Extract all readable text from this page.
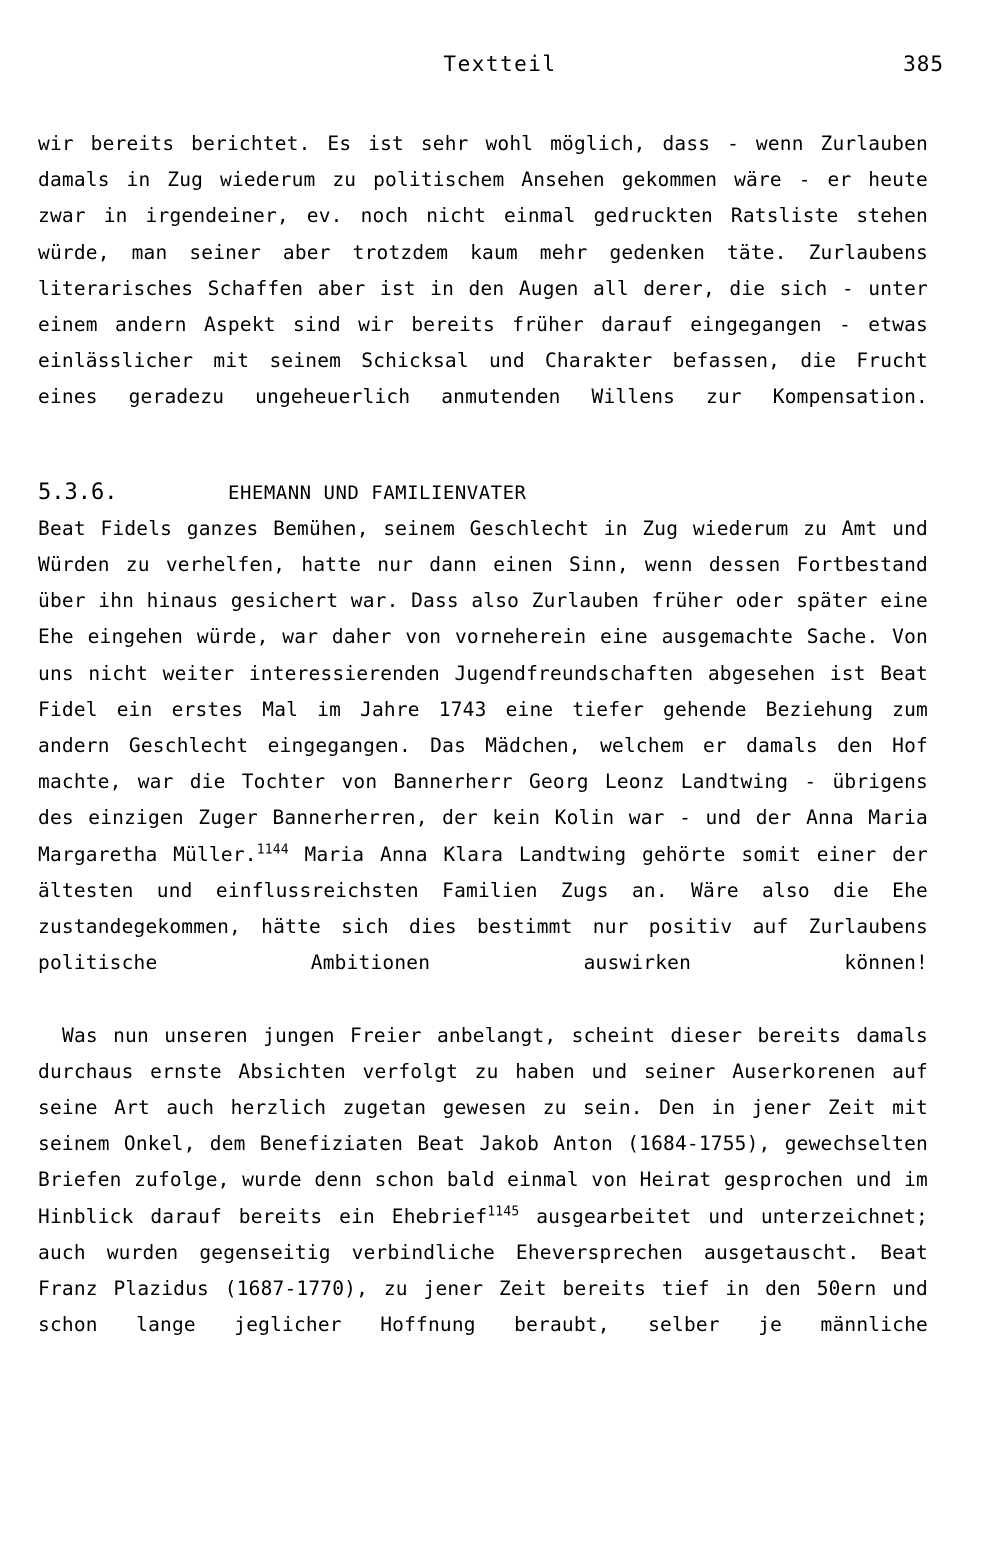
Textteil	385

wir bereits berichtet. Es ist sehr wohl möglich, dass - wenn Zurlauben damals in Zug wiederum zu politischem Ansehen gekommen wäre - er heute zwar in irgendeiner, ev. noch nicht einmal gedruckten Ratsliste stehen würde, man seiner aber trotzdem kaum mehr gedenken täte. Zurlaubens literarisches Schaffen aber ist in den Augen all derer, die sich - unter einem andern Aspekt sind wir bereits früher darauf eingegangen - etwas einlässlicher mit seinem Schicksal und Charakter befassen, die Frucht eines geradezu ungeheuerlich anmutenden Willens zur Kompensation.

5.3.6.	EHEMANN UND FAMILIENVATER

Beat Fidels ganzes Bemühen, seinem Geschlecht in Zug wiederum zu Amt und Würden zu verhelfen, hatte nur dann einen Sinn, wenn dessen Fortbestand über ihn hinaus gesichert war. Dass also Zurlauben früher oder später eine Ehe eingehen würde, war daher von vorneherein eine ausgemachte Sache. Von uns nicht weiter interessierenden Jugendfreundschaften abgesehen ist Beat Fidel ein erstes Mal im Jahre 1743 eine tiefer gehende Beziehung zum andern Geschlecht eingegangen. Das Mädchen, welchem er damals den Hof machte, war die Tochter von Bannerherr Georg Leonz Landtwing - übrigens des einzigen Zuger Bannerherren, der kein Kolin war - und der Anna Maria Margaretha Müller.$^{1144}$ Maria Anna Klara Landtwing gehörte somit einer der ältesten und einflussreichsten Familien Zugs an. Wäre also die Ehe zustandegekommen, hätte sich dies bestimmt nur positiv auf Zurlaubens politische Ambitionen auswirken können!

Was nun unseren jungen Freier anbelangt, scheint dieser bereits damals durchaus ernste Absichten verfolgt zu haben und seiner Auserkorenen auf seine Art auch herzlich zugetan gewesen zu sein. Den in jener Zeit mit seinem Onkel, dem Benefiziaten Beat Jakob Anton (1684-1755), gewechselten Briefen zufolge, wurde denn schon bald einmal von Heirat gesprochen und im Hinblick darauf bereits ein Ehebrief$^{1145}$ ausgearbeitet und unterzeichnet; auch wurden gegenseitig verbindliche Eheversprechen ausgetauscht. Beat Franz Plazidus (1687-1770), zu jener Zeit bereits tief in den 50ern und schon lange jeglicher Hoffnung beraubt, selber je männliche
